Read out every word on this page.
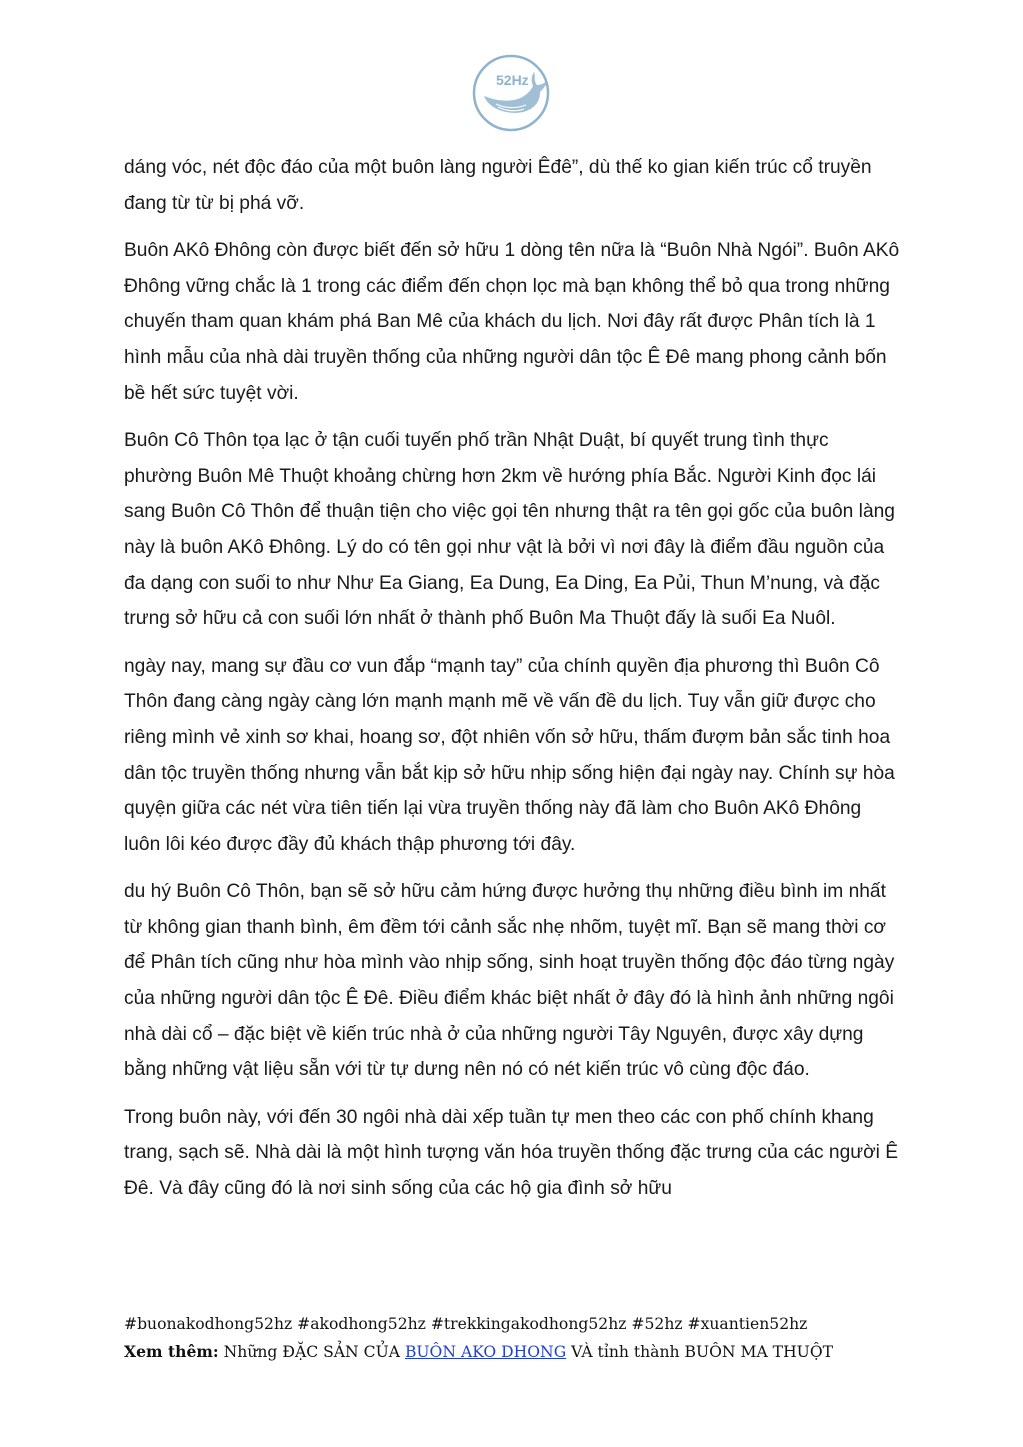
52Hz

dáng vóc, nét độc đáo của một buôn làng người Êđê”, dù thế ko gian kiến trúc cổ truyền đang từ từ bị phá vỡ.

Buôn AKô Đhông còn được biết đến sở hữu 1 dòng tên nữa là “Buôn Nhà Ngói”. Buôn AKô Đhông vững chắc là 1 trong các điểm đến chọn lọc mà bạn không thể bỏ qua trong những chuyến tham quan khám phá Ban Mê của khách du lịch. Nơi đây rất được Phân tích là 1 hình mẫu của nhà dài truyền thống của những người dân tộc Ê Đê mang phong cảnh bốn bề hết sức tuyệt vời.

Buôn Cô Thôn tọa lạc ở tận cuối tuyến phố trần Nhật Duật, bí quyết trung tình thực phường Buôn Mê Thuột khoảng chừng hơn 2km về hướng phía Bắc. Người Kinh đọc lái sang Buôn Cô Thôn để thuận tiện cho việc gọi tên nhưng thật ra tên gọi gốc của buôn làng này là buôn AKô Đhông. Lý do có tên gọi như vật là bởi vì nơi đây là điểm đầu nguồn của đa dạng con suối to như Như Ea Giang, Ea Dung, Ea Ding, Ea Pủi, Thun M’nung, và đặc trưng sở hữu cả con suối lớn nhất ở thành phố Buôn Ma Thuột đấy là suối Ea Nuôl.

ngày nay, mang sự đầu cơ vun đắp “mạnh tay” của chính quyền địa phương thì Buôn Cô Thôn đang càng ngày càng lớn mạnh mạnh mẽ về vấn đề du lịch. Tuy vẫn giữ được cho riêng mình vẻ xinh sơ khai, hoang sơ, đột nhiên vốn sở hữu, thấm đượm bản sắc tinh hoa dân tộc truyền thống nhưng vẫn bắt kịp sở hữu nhịp sống hiện đại ngày nay. Chính sự hòa quyện giữa các nét vừa tiên tiến lại vừa truyền thống này đã làm cho Buôn AKô Đhông luôn lôi kéo được đầy đủ khách thập phương tới đây.

du hý Buôn Cô Thôn, bạn sẽ sở hữu cảm hứng được hưởng thụ những điều bình im nhất từ không gian thanh bình, êm đềm tới cảnh sắc nhẹ nhõm, tuyệt mĩ. Bạn sẽ mang thời cơ để Phân tích cũng như hòa mình vào nhịp sống, sinh hoạt truyền thống độc đáo từng ngày của những người dân tộc Ê Đê. Điều điểm khác biệt nhất ở đây đó là hình ảnh những ngôi nhà dài cổ – đặc biệt về kiến trúc nhà ở của những người Tây Nguyên, được xây dựng bằng những vật liệu sẵn với từ tự dưng nên nó có nét kiến trúc vô cùng độc đáo.

Trong buôn này, với đến 30 ngôi nhà dài xếp tuần tự men theo các con phố chính khang trang, sạch sẽ. Nhà dài là một hình tượng văn hóa truyền thống đặc trưng của các người Ê Đê. Và đây cũng đó là nơi sinh sống của các hộ gia đình sở hữu

#buonakodhong52hz #akodhong52hz #trekkingakodhong52hz #52hz #xuantien52hz
Xem thêm: Những ĐẶC SẢN CỦA BUÔN AKO DHONG VÀ tỉnh thành BUÔN MA THUỘT
